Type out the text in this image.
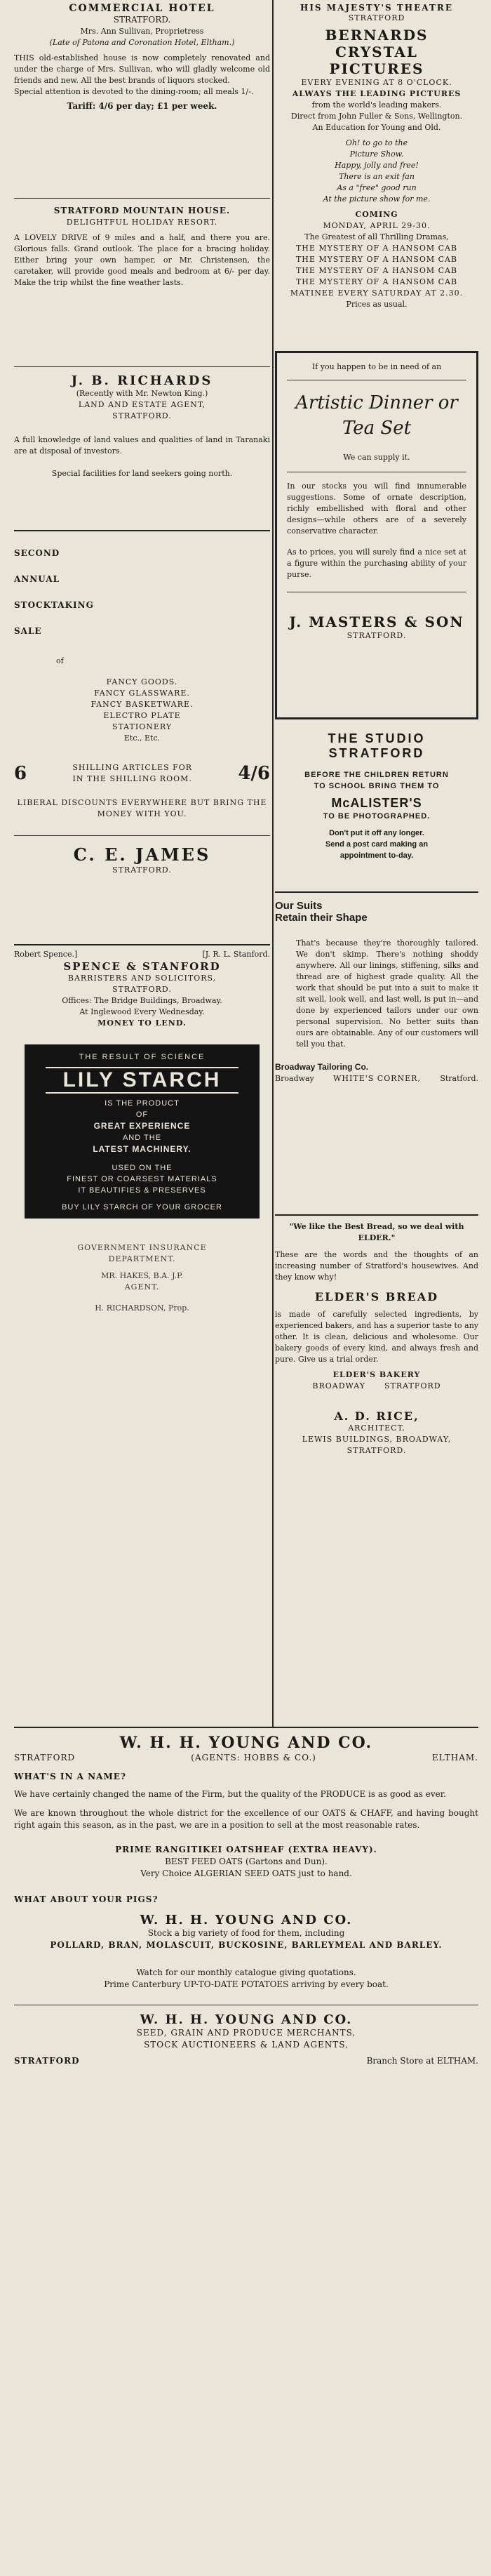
COMMERCIAL HOTEL
STRATFORD.
Mrs. Ann Sullivan, Proprietress
(Late of Patona and Coronation Hotel, Eltham.)
THIS old-established house is now completely renovated and under the charge of Mrs. Sullivan, who will gladly welcome old friends and new. All the best brands of liquors stocked.
Special attention is devoted to the dining-room; all meals 1/-.
Tariff: 4/6 per day; £1 per week.
STRATFORD MOUNTAIN HOUSE.
DELIGHTFUL HOLIDAY RESORT.
A LOVELY DRIVE of 9 miles and a half, and there you are. Glorious falls. Grand outlook. The place for a bracing holiday. Either bring your own hamper, or Mr. Christensen, the caretaker, will provide good meals and bedroom at 6/- per day. Make the trip whilst the fine weather lasts.
J. B. RICHARDS
(Recently with Mr. Newton King.)
LAND AND ESTATE AGENT,
STRATFORD.
A full knowledge of land values and qualities of land in Taranaki are at disposal of investors.
Special facilities for land seekers going north.
SECOND
ANNUAL
STOCKTAKING
SALE
of
FANCY GOODS.
FANCY GLASSWARE.
FANCY BASKETWARE.
ELECTRO PLATE
STATIONERY
Etc., Etc.
6	SHILLING ARTICLES FOR
IN THE SHILLING ROOM.	4/6
LIBERAL DISCOUNTS EVERYWHERE BUT BRING THE MONEY WITH YOU.
C. E. JAMES
STRATFORD.
Robert Spence.]	[J. R. L. Stanford.
SPENCE & STANFORD
BARRISTERS AND SOLICITORS,
STRATFORD.
Offices: The Bridge Buildings, Broadway.
At Inglewood Every Wednesday.
MONEY TO LEND.
THE RESULT OF SCIENCE
LILY STARCH
IS THE PRODUCT
OF
GREAT EXPERIENCE
AND THE
LATEST MACHINERY.
USED ON THE
FINEST OR COARSEST MATERIALS
IT BEAUTIFIES & PRESERVES
BUY LILY STARCH OF YOUR GROCER
GOVERNMENT INSURANCE
DEPARTMENT.
MR. HAKES, B.A. J.P.
AGENT.
H. RICHARDSON, Prop.
HIS MAJESTY'S THEATRE
STRATFORD
BERNARDS
CRYSTAL
PICTURES
EVERY EVENING AT 8 O'CLOCK.
ALWAYS THE LEADING PICTURES
from the world's leading makers.
Direct from John Fuller & Sons, Wellington.
An Education for Young and Old.
Oh! to go to the
Picture Show.
Happy, jolly and free!
There is an exit fan
As a "free" good run
At the picture show for me.
COMING
MONDAY, APRIL 29-30.
The Greatest of all Thrilling Dramas,
THE MYSTERY OF A HANSOM CAB
THE MYSTERY OF A HANSOM CAB
THE MYSTERY OF A HANSOM CAB
THE MYSTERY OF A HANSOM CAB
MATINEE EVERY SATURDAY AT 2.30.
Prices as usual.
If you happen to be in need of an
Artistic Dinner or
Tea Set
We can supply it.
In our stocks you will find innumerable suggestions. Some of ornate description, richly embellished with floral and other designs—while others are of a severely conservative character.
As to prices, you will surely find a nice set at a figure within the purchasing ability of your purse.
J. MASTERS & SON
STRATFORD.
THE STUDIO
STRATFORD
BEFORE THE CHILDREN RETURN
TO SCHOOL BRING THEM TO
McALISTER'S
TO BE PHOTOGRAPHED.
Don't put it off any longer.
Send a post card making an
appointment to-day.
Our Suits
Retain their Shape
That's because they're thoroughly tailored. We don't skimp. There's nothing shoddy anywhere. All our linings, stiffening, silks and thread are of highest grade quality. All the work that should be put into a suit to make it sit well, look well, and last well, is put in—and done by experienced tailors under our own personal supervision. No better suits than ours are obtainable. Any of our customers will tell you that.
Broadway Tailoring Co.
Broadway WHITE'S CORNER, Stratford.
"We like the Best Bread, so we deal with ELDER."
These are the words and the thoughts of an increasing number of Stratford's housewives. And they know why!
ELDER'S BREAD
is made of carefully selected ingredients, by experienced bakers, and has a superior taste to any other. It is clean, delicious and wholesome. Our bakery goods of every kind, and always fresh and pure. Give us a trial order.
ELDER'S BAKERY
BROADWAY      STRATFORD
A. D. RICE,
ARCHITECT,
LEWIS BUILDINGS, BROADWAY,
STRATFORD.
W. H. H. YOUNG AND CO.
STRATFORD	(AGENTS: HOBBS & CO.)	ELTHAM.
WHAT'S IN A NAME?
We have certainly changed the name of the Firm, but the quality of the PRODUCE is as good as ever.
We are known throughout the whole district for the excellence of our OATS & CHAFF, and having bought right again this season, as in the past, we are in a position to sell at the most reasonable rates.
PRIME RANGITIKEI OATSHEAF (EXTRA HEAVY).
BEST FEED OATS (Gartons and Dun).
Very Choice ALGERIAN SEED OATS just to hand.
WHAT ABOUT YOUR PIGS?
W. H. H. YOUNG AND CO.
Stock a big variety of food for them, including
POLLARD, BRAN, MOLASCUIT, BUCKOSINE, BARLEYMEAL AND BARLEY.
Watch for our monthly catalogue giving quotations.
Prime Canterbury UP-TO-DATE POTATOES arriving by every boat.
W. H. H. YOUNG AND CO.
SEED, GRAIN AND PRODUCE MERCHANTS,
STOCK AUCTIONEERS & LAND AGENTS,
STRATFORD	Branch Store at ELTHAM.
